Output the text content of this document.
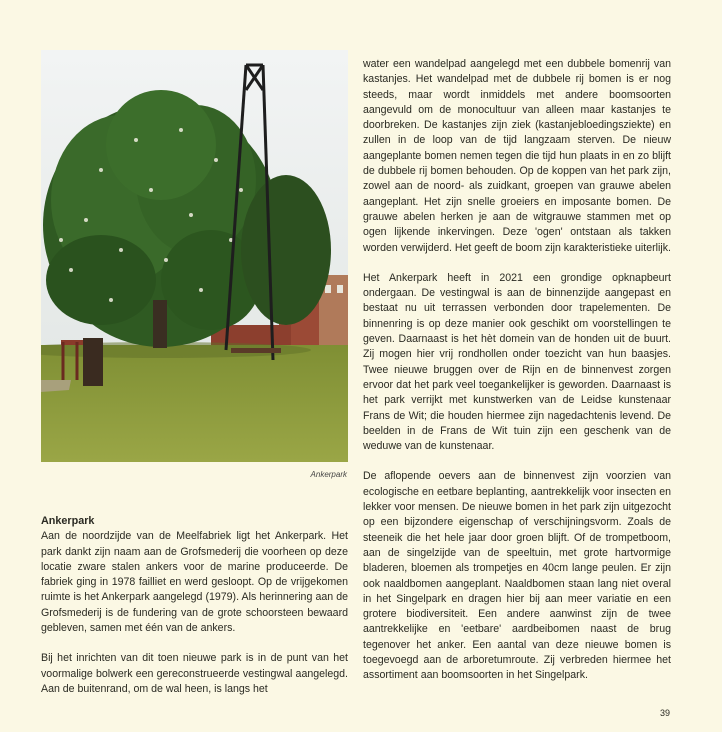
Ankerpark
Ankerpark

Aan de noordzijde van de Meelfabriek ligt het Ankerpark. Het park dankt zijn naam aan de Grofsmederij die voorheen op deze locatie zware stalen ankers voor de marine produceerde. De fabriek ging in 1978 failliet en werd gesloopt. Op de vrijgekomen ruimte is het Ankerpark aangelegd (1979). Als herinnering aan de Grofsmederij is de fundering van de grote schoorsteen bewaard gebleven, samen met één van de ankers.

Bij het inrichten van dit toen nieuwe park is in de punt van het voormalige bolwerk een gereconstrueerde vestingwal aangelegd. Aan de buitenrand, om de wal heen, is langs het

water een wandelpad aangelegd met een dubbele bomenrij van kastanjes. Het wandelpad met de dubbele rij bomen is er nog steeds, maar wordt inmiddels met andere boomsoorten aangevuld om de monocultuur van alleen maar kastanjes te doorbreken. De kastanjes zijn ziek (kastanjebloedingsziekte) en zullen in de loop van de tijd langzaam sterven. De nieuw aangeplante bomen nemen tegen die tijd hun plaats in en zo blijft de dubbele rij bomen behouden. Op de koppen van het park zijn, zowel aan de noord- als zuidkant, groepen van grauwe abelen aangeplant. Het zijn snelle groeiers en imposante bomen. De grauwe abelen herken je aan de witgrauwe stammen met op ogen lijkende inkervingen. Deze 'ogen' ontstaan als takken worden verwijderd. Het geeft de boom zijn karakteristieke uiterlijk.

Het Ankerpark heeft in 2021 een grondige opknapbeurt ondergaan. De vestingwal is aan de binnenzijde aangepast en bestaat nu uit terrassen verbonden door trapelementen. De binnenring is op deze manier ook geschikt om voorstellingen te geven. Daarnaast is het hèt domein van de honden uit de buurt. Zij mogen hier vrij rondhollen onder toezicht van hun baasjes. Twee nieuwe bruggen over de Rijn en de binnenvest zorgen ervoor dat het park veel toegankelijker is geworden. Daarnaast is het park verrijkt met kunstwerken van de Leidse kunstenaar Frans de Wit; die houden hiermee zijn nagedachtenis levend. De beelden in de Frans de Wit tuin zijn een geschenk van de weduwe van de kunstenaar.

De aflopende oevers aan de binnenvest zijn voorzien van ecologische en eetbare beplanting, aantrekkelijk voor insecten en lekker voor mensen. De nieuwe bomen in het park zijn uitgezocht op een bijzondere eigenschap of verschijningsvorm. Zoals de steeneik die het hele jaar door groen blijft. Of de trompetboom, aan de singelzijde van de speeltuin, met grote hartvormige bladeren, bloemen als trompetjes en 40cm lange peulen. Er zijn ook naaldbomen aangeplant. Naaldbomen staan lang niet overal in het Singelpark en dragen hier bij aan meer variatie en een grotere biodiversiteit. Een andere aanwinst zijn de twee aantrekkelijke en 'eetbare' aardbeibomen naast de brug tegenover het anker. Een aantal van deze nieuwe bomen is toegevoegd aan de arboretumroute. Zij verbreden hiermee het assortiment aan boomsoorten in het Singelpark.

39
